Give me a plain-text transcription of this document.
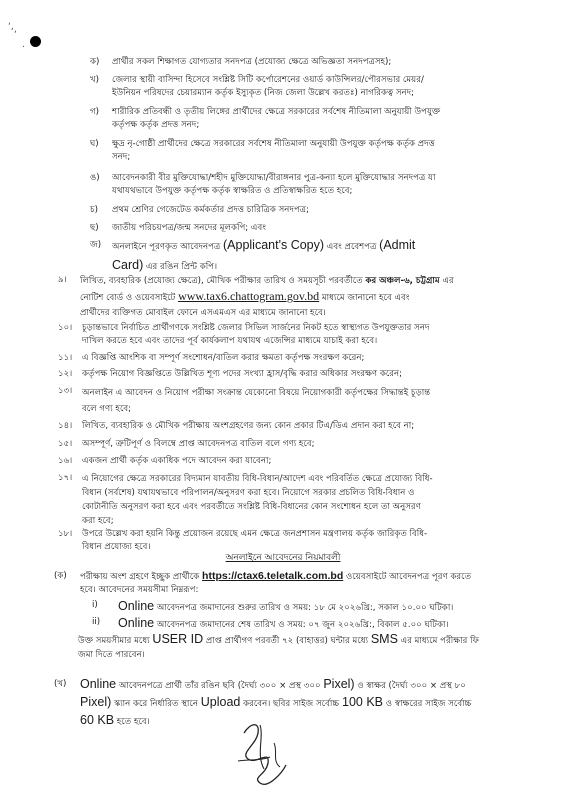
‘,
‘
.
ক)	প্রার্থীর সকল শিক্ষাগত যোগ্যতার সনদপত্র (প্রযোজ্য ক্ষেত্রে অভিজ্ঞতা সনদপত্রসহ);
খ)	জেলার স্থায়ী বাসিন্দা হিসেবে সংশ্লিষ্ট সিটি কর্পোরেশনের ওয়ার্ড কাউন্সিলর/পৌরসভার মেয়র/
ইউনিয়ন পরিষদের চেয়ারম্যান কর্তৃক ইস্যুকৃত (নিজ জেলা উল্লেখ করতঃ) নাগরিকত্ব সনদ;
গ)	শারীরিক প্রতিবন্ধী ও তৃতীয় লিঙ্গের প্রার্থীদের ক্ষেত্রে সরকারের সর্বশেষ নীতিমালা অনুযায়ী উপযুক্ত
কর্তৃপক্ষ কর্তৃক প্রদত্ত সনদ;
ঘ)	ক্ষুদ্র নৃ-গোষ্ঠী প্রার্থীদের ক্ষেত্রে সরকারের সর্বশেষ নীতিমালা অনুযায়ী উপযুক্ত কর্তৃপক্ষ কর্তৃক প্রদত্ত
সনদ;
ঙ)	আবেদনকারী বীর মুক্তিযোদ্ধা/শহীদ মুক্তিযোদ্ধা/বীরাঙ্গনার পুত্র-কন্যা হলে মুক্তিযোদ্ধার সনদপত্র যা
যথাযথভাবে উপযুক্ত কর্তৃপক্ষ কর্তৃক স্বাক্ষরিত ও প্রতিস্বাক্ষরিত হতে হবে;
চ)	প্রথম শ্রেণির গেজেটেড কর্মকর্তার প্রদত্ত চারিত্রিক সনদপত্র;
ছ)	জাতীয় পরিচয়পত্র/জন্ম সনদের মূলকপি; এবং
জ)	অনলাইনে পূরণকৃত আবেদনপত্র (Applicant's Copy) এবং প্রবেশপত্র (Admit
Card) এর রঙিন প্রিন্ট কপি।
৯।	লিখিত, ব্যবহারিক (প্রযোজ্য ক্ষেত্রে), মৌখিক পরীক্ষার তারিখ ও সময়সূচী পরবর্তীতে কর অঞ্চল-৬, চট্টগ্রাম এর
নোটিশ বোর্ড ও ওয়েবসাইটে www.tax6.chattogram.gov.bd মাধ্যমে জানানো হবে এবং
প্রার্থীদের ব্যক্তিগত মোবাইল ফোনে এসএমএস এর মাধ্যমে জানানো হবে।
১০।	চূড়ান্তভাবে নির্বাচিত প্রার্থীগণকে সংশ্লিষ্ট জেলার সিভিল সার্জনের নিকট হতে স্বাস্থ্যগত উপযুক্ততার সনদ
দাখিল করতে হবে এবং তাদের পূর্ব কার্যকলাপ যথাযথ এজেন্সির মাধ্যমে যাচাই করা হবে।
১১।	এ বিজ্ঞপ্তি আংশিক বা সম্পূর্ণ সংশোধন/বাতিল করার ক্ষমতা কর্তৃপক্ষ সংরক্ষণ করেন;
১২।	কর্তৃপক্ষ নিয়োগ বিজ্ঞপ্তিতে উল্লিখিত শূণ্য পদের সংখ্যা হ্রাস/বৃদ্ধি করার অধিকার সংরক্ষণ করেন;
১৩।	অনলাইন এ আবেদন ও নিয়োগ পরীক্ষা সংক্রান্ত যেকোনো বিষয়ে নিয়োগকারী কর্তৃপক্ষের সিদ্ধান্তই চূড়ান্ত
বলে গণ্য হবে;
১৪।	লিখিত, ব্যবহারিক ও মৌখিক পরীক্ষায় অংশগ্রহণের জন্য কোন প্রকার টিএ/ডিএ প্রদান করা হবে না;
১৫।	অসম্পূর্ণ, ত্রুটিপূর্ণ ও বিলম্বে প্রাপ্ত আবেদনপত্র বাতিল বলে গণ্য হবে;
১৬।	একজন প্রার্থী কর্তৃক একাধিক পদে আবেদন করা যাবেনা;
১৭।	এ নিয়োগের ক্ষেত্রে সরকারের বিদ্যমান যাবতীয় বিধি-বিধান/আদেশ এবং পরিবর্তিত ক্ষেত্রে প্রযোজ্য বিধি-
বিধান (সর্বশেষ) যথাযথভাবে পরিপালন/অনুসরণ করা হবে। নিয়োগে সরকার প্রচলিত বিধি-বিধান ও
কোটানীতি অনুসরণ করা হবে এবং পরবর্তীতে সংশ্লিষ্ট বিধি-বিধানের কোন সংশোধন হলে তা অনুসরণ
করা হবে;
১৮।	উপরে উল্লেখ করা হয়নি কিন্তু প্রয়োজন রয়েছে এমন ক্ষেত্রে জনপ্রশাসন মন্ত্রণালয় কর্তৃক জারিকৃত বিধি-
বিধান প্রযোজ্য হবে।
অনলাইনে আবেদনের নিয়মাবলী
(ক)	পরীক্ষায় অংশ গ্রহণে ইচ্ছুক প্রার্থীকে https://ctax6.teletalk.com.bd ওয়েবসাইটে আবেদনপত্র পূরণ করতে
হবে। আবেদনের সময়সীমা নিম্নরূপ:
i)	Online আবেদনপত্র জমাদানের শুরুর তারিখ ও সময়: ১৮ মে ২০২৬খ্রি:, সকাল ১০.০০ ঘটিকা।
ii)	Online আবেদনপত্র জমাদানের শেষ তারিখ ও সময়: ০৭ জুন ২০২৬খ্রি:, বিকাল ৫.০০ ঘটিকা।
উক্ত সময়সীমার মধ্যে USER ID প্রাপ্ত প্রার্থীগণ পরবর্তী ৭২ (বাহাত্তর) ঘন্টার মধ্যে SMS এর মাধ্যমে পরীক্ষার ফি
জমা দিতে পারবেন।
(খ)	Online আবেদনপত্রে প্রার্থী তাঁর রঙিন ছবি (দৈর্ঘ্য ৩০০ × প্রস্থ ৩০০ Pixel) ও স্বাক্ষর (দৈর্ঘ্য ৩০০ × প্রস্থ ৮০
Pixel) স্ক্যান করে নির্ধারিত স্থানে Upload করবেন। ছবির সাইজ সর্বোচ্চ 100 KB ও স্বাক্ষরের সাইজ সর্বোচ্চ
60 KB হতে হবে।
